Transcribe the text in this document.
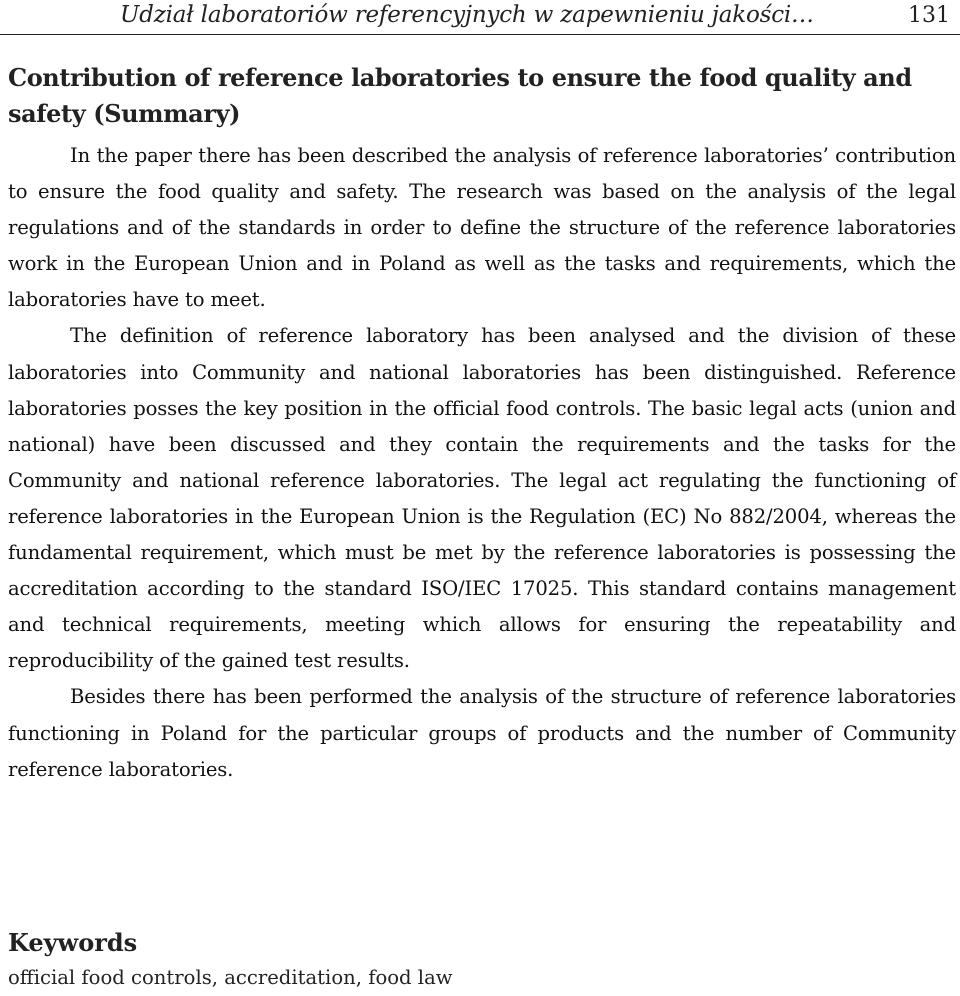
Udział laboratoriów referencyjnych w zapewnieniu jakości…	131
Contribution of reference laboratories to ensure the food quality and safety (Summary)

In the paper there has been described the analysis of reference laboratories’ contribution to ensure the food quality and safety. The research was based on the analysis of the legal regulations and of the standards in order to define the structure of the reference laboratories work in the European Union and in Poland as well as the tasks and requirements, which the laboratories have to meet.

The definition of reference laboratory has been analysed and the division of these laboratories into Community and national laboratories has been distinguished. Reference laboratories posses the key position in the official food controls. The basic legal acts (union and national) have been discussed and they contain the requirements and the tasks for the Community and national reference laboratories. The legal act regulating the functioning of reference laboratories in the European Union is the Regulation (EC) No 882/2004, whereas the fundamental requirement, which must be met by the reference laboratories is possessing the accreditation according to the standard ISO/IEC 17025. This standard contains management and technical requirements, meeting which allows for ensuring the repeatability and reproducibility of the gained test results.

Besides there has been performed the analysis of the structure of reference laboratories functioning in Poland for the particular groups of products and the number of Community reference laboratories.

Keywords
official food controls, accreditation, food law
